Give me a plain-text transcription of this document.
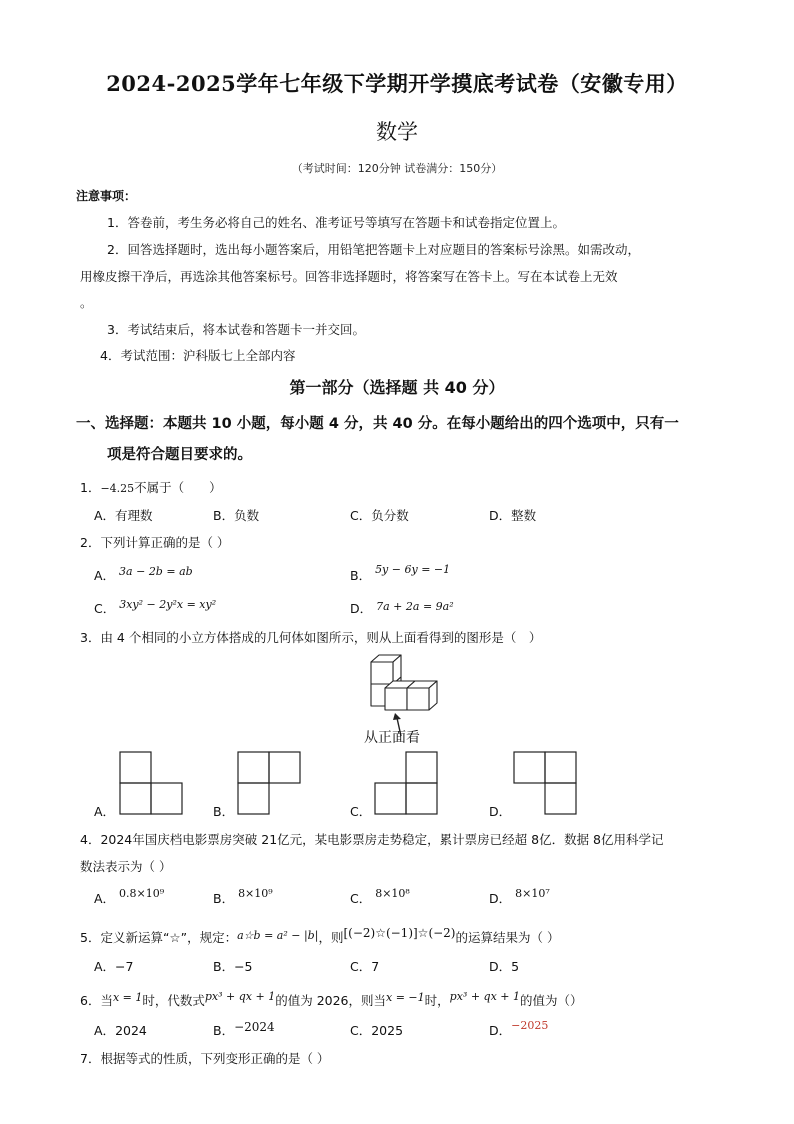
2024-2025学年七年级下学期开学摸底考试卷（安徽专用）
数学
（考试时间：120分钟 试卷满分：150分）
注意事项：
1．答卷前，考生务必将自己的姓名、准考证号等填写在答题卡和试卷指定位置上。
2．回答选择题时，选出每小题答案后，用铅笔把答题卡上对应题目的答案标号涂黑。如需改动，
用橡皮擦干净后，再选涂其他答案标号。回答非选择题时，将答案写在答卡上。写在本试卷上无效
。
3．考试结束后，将本试卷和答题卡一并交回。
4．考试范围：沪科版七上全部内容
第一部分（选择题 共 40 分）
一、选择题：本题共 10 小题，每小题 4 分，共 40 分。在每小题给出的四个选项中，只有一
项是符合题目要求的。
1．−4.25不属于（　　）
A．有理数	B．负数	C．负分数	D．整数
2．下列计算正确的是（ ）
A． 3a − 2b = ab	B． 5y − 6y = −1
C． 3xy² − 2y²x = xy²	D． 7a + 2a = 9a²
3．由 4 个相同的小立方体搭成的几何体如图所示，则从上面看得到的图形是（　）
从正面看
A．	B．	C．	D．
4．2024年国庆档电影票房突破 21亿元，某电影票房走势稳定，累计票房已经超 8亿．数据 8亿用科学记
数法表示为（ ）
A． 0.8×10⁹	B． 8×10⁹	C． 8×10⁸	D． 8×10⁷
5．定义新运算“☆”，规定：a☆b = a² − |b|，则[(−2)☆(−1)]☆(−2)的运算结果为（ ）
A．−7	B．−5	C．7	D．5
6．当x = 1时，代数式px³ + qx + 1的值为 2026，则当x = −1时，px³ + qx + 1的值为（）
A．2024	B．−2024	C．2025	D．−2025
7．根据等式的性质，下列变形正确的是（ ）
